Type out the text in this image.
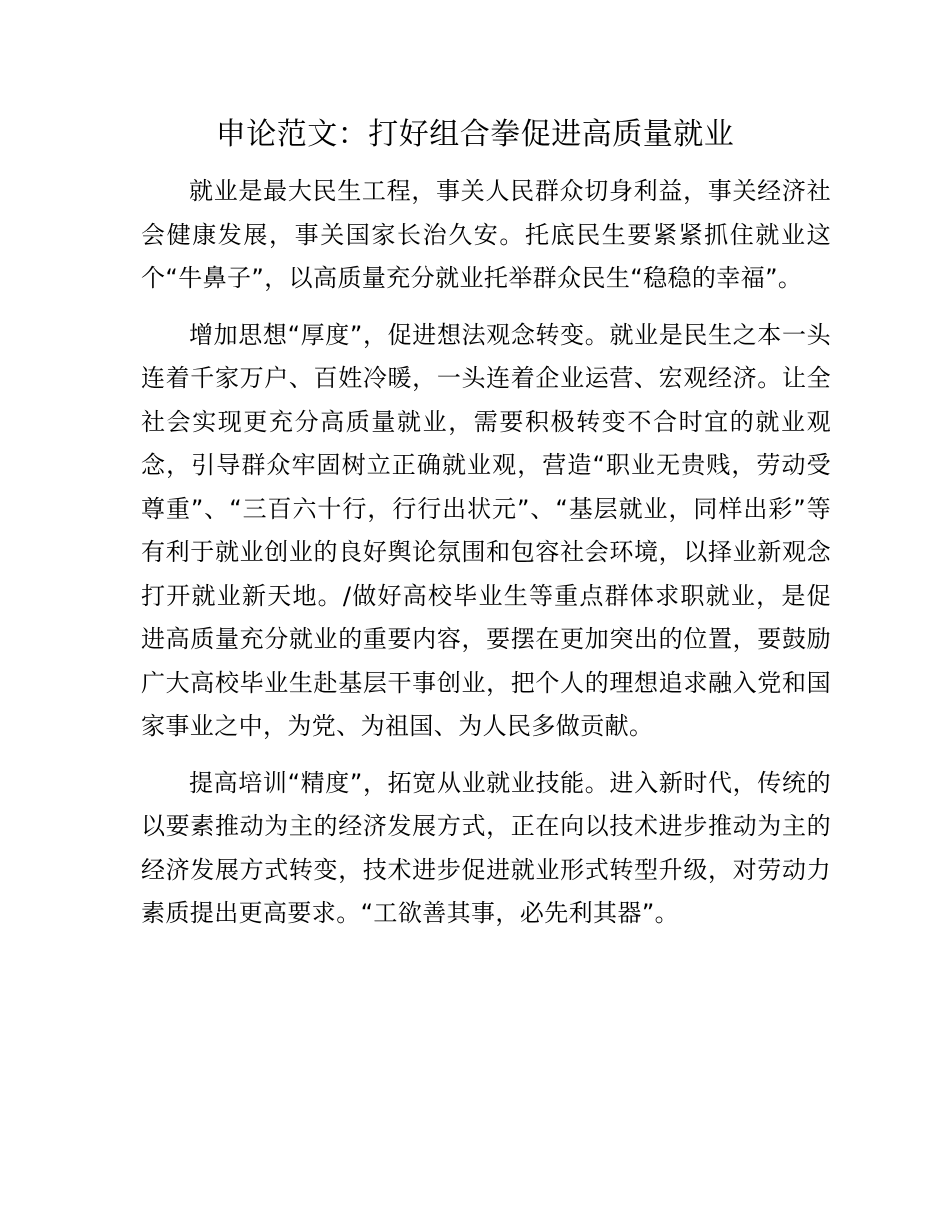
申论范文：打好组合拳促进高质量就业

就业是最大民生工程，事关人民群众切身利益，事关经济社会健康发展，事关国家长治久安。托底民生要紧紧抓住就业这个“牛鼻子”，以高质量充分就业托举群众民生“稳稳的幸福”。

增加思想“厚度”，促进想法观念转变。就业是民生之本一头连着千家万户、百姓冷暖，一头连着企业运营、宏观经济。让全社会实现更充分高质量就业，需要积极转变不合时宜的就业观念，引导群众牢固树立正确就业观，营造“职业无贵贱，劳动受尊重”、“三百六十行，行行出状元”、“基层就业，同样出彩”等有利于就业创业的良好舆论氛围和包容社会环境，以择业新观念打开就业新天地。/做好高校毕业生等重点群体求职就业，是促进高质量充分就业的重要内容，要摆在更加突出的位置，要鼓励广大高校毕业生赴基层干事创业，把个人的理想追求融入党和国家事业之中，为党、为祖国、为人民多做贡献。

提高培训“精度”，拓宽从业就业技能。进入新时代，传统的以要素推动为主的经济发展方式，正在向以技术进步推动为主的经济发展方式转变，技术进步促进就业形式转型升级，对劳动力素质提出更高要求。“工欲善其事，必先利其器”。
